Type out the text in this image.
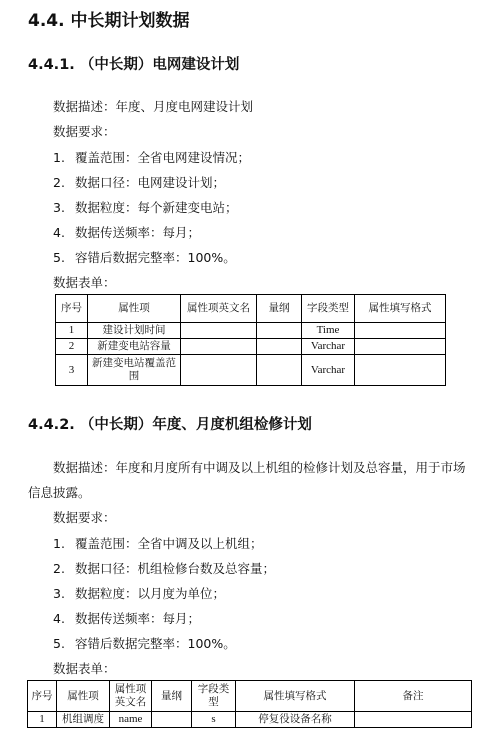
4.4. 中长期计划数据
4.4.1. （中长期）电网建设计划
数据描述：年度、月度电网建设计划
数据要求：
1. 覆盖范围：全省电网建设情况；
2. 数据口径：电网建设计划；
3. 数据粒度：每个新建变电站；
4. 数据传送频率：每月；
5. 容错后数据完整率：100%。
数据表单：
序号	属性项	属性项英文名	量纲	字段类型	属性填写格式
1	建设计划时间			Time	
2	新建变电站容量			Varchar	
3	新建变电站覆盖范围			Varchar	
4.4.2. （中长期）年度、月度机组检修计划
数据描述：年度和月度所有中调及以上机组的检修计划及总容量，用于市场
信息披露。
数据要求：
1. 覆盖范围：全省中调及以上机组；
2. 数据口径：机组检修台数及总容量；
3. 数据粒度：以月度为单位；
4. 数据传送频率：每月；
5. 容错后数据完整率：100%。
数据表单：
序号	属性项	属性项英文名	量纲	字段类型	属性填写格式	备注
1	机组调度	name		s	停复役设备名称	
